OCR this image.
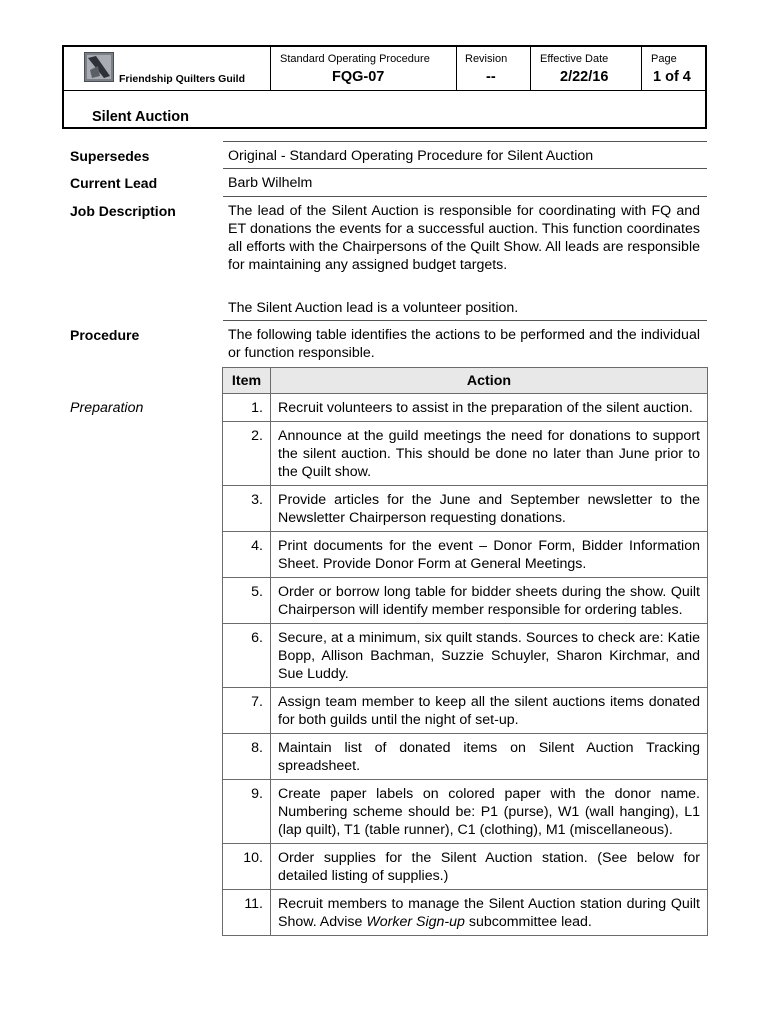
Friendship Quilters Guild
Standard Operating Procedure
FQG-07
Revision
--
Effective Date
2/22/16
Page
1 of 4
Silent Auction
Supersedes	Original - Standard Operating Procedure for Silent Auction
Current Lead	Barb Wilhelm
Job Description	The lead of the Silent Auction is responsible for coordinating with FQ and ET donations the events for a successful auction. This function coordinates all efforts with the Chairpersons of the Quilt Show. All leads are responsible for maintaining any assigned budget targets.
The Silent Auction lead is a volunteer position.
Procedure	The following table identifies the actions to be performed and the individual or function responsible.
Preparation
Item	Action
1.	Recruit volunteers to assist in the preparation of the silent auction.
2.	Announce at the guild meetings the need for donations to support the silent auction. This should be done no later than June prior to the Quilt show.
3.	Provide articles for the June and September newsletter to the Newsletter Chairperson requesting donations.
4.	Print documents for the event – Donor Form, Bidder Information Sheet. Provide Donor Form at General Meetings.
5.	Order or borrow long table for bidder sheets during the show. Quilt Chairperson will identify member responsible for ordering tables.
6.	Secure, at a minimum, six quilt stands. Sources to check are: Katie Bopp, Allison Bachman, Suzzie Schuyler, Sharon Kirchmar, and Sue Luddy.
7.	Assign team member to keep all the silent auctions items donated for both guilds until the night of set-up.
8.	Maintain list of donated items on Silent Auction Tracking spreadsheet.
9.	Create paper labels on colored paper with the donor name. Numbering scheme should be: P1 (purse), W1 (wall hanging), L1 (lap quilt), T1 (table runner), C1 (clothing), M1 (miscellaneous).
10.	Order supplies for the Silent Auction station. (See below for detailed listing of supplies.)
11.	Recruit members to manage the Silent Auction station during Quilt Show. Advise Worker Sign-up subcommittee lead.
